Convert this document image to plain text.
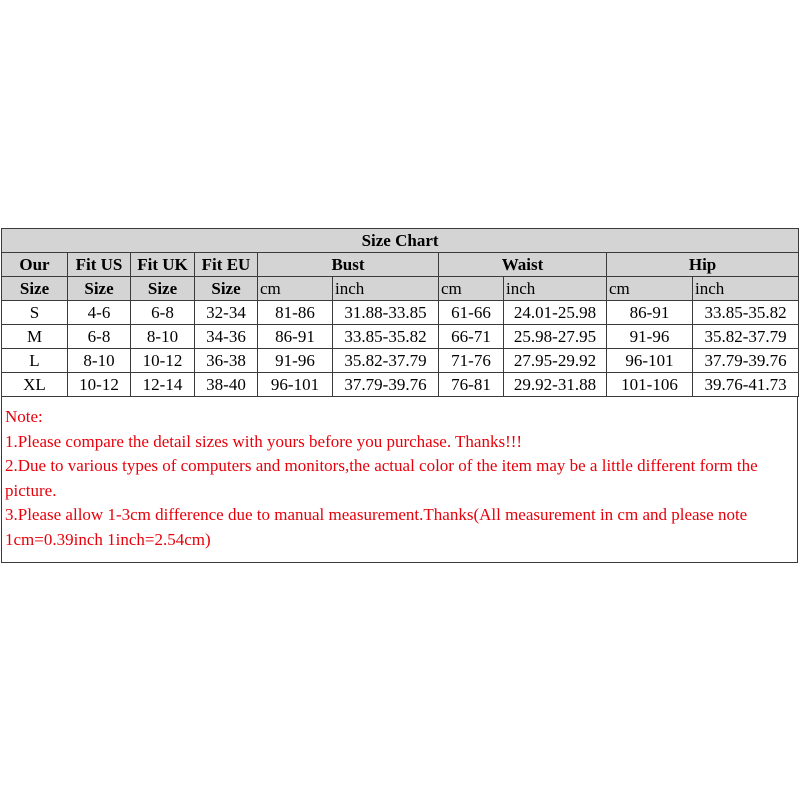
Size Chart									
Our	Fit US	Fit UK	Fit EU	Bust		Waist		Hip	
Size	Size	Size	Size	cm	inch	cm	inch	cm	inch
S	4-6	6-8	32-34	81-86	31.88-33.85	61-66	24.01-25.98	86-91	33.85-35.82
M	6-8	8-10	34-36	86-91	33.85-35.82	66-71	25.98-27.95	91-96	35.82-37.79
L	8-10	10-12	36-38	91-96	35.82-37.79	71-76	27.95-29.92	96-101	37.79-39.76
XL	10-12	12-14	38-40	96-101	37.79-39.76	76-81	29.92-31.88	101-106	39.76-41.73

Note:

1.Please compare the detail sizes with yours before you purchase. Thanks!!!

2.Due to various types of computers and monitors,the actual color of the item may be a little different form the picture.

3.Please allow 1-3cm difference due to manual measurement.Thanks(All measurement in cm and please note 1cm=0.39inch 1inch=2.54cm)
